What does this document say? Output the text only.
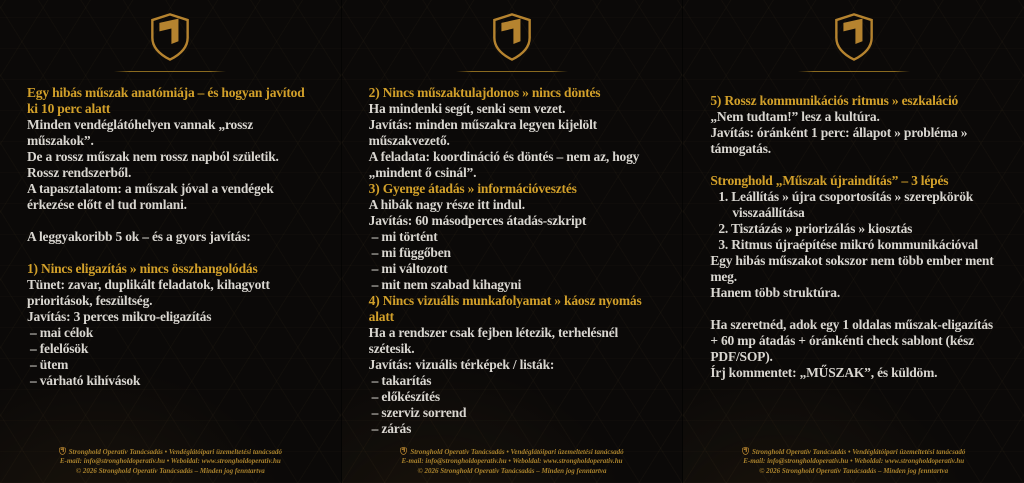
Egy hibás műszak anatómiája – és hogyan javítod ki 10 perc alatt
Minden vendéglátóhelyen vannak „rossz műszakok”.
De a rossz műszak nem rossz napból születik.
Rossz rendszerből.
A tapasztalatom: a műszak jóval a vendégek érkezése előtt el tud romlani.
A leggyakoribb 5 ok – és a gyors javítás:
1) Nincs eligazítás » nincs összhangolódás
Tünet: zavar, duplikált feladatok, kihagyott prioritások, feszültség.
Javítás: 3 perces mikro-eligazítás
– mai célok
– felelősök
– ütem
– várható kihívások
Stronghold Operatív Tanácsadás • Vendéglátóipari üzemeltetési tanácsadó
E-mail: info@strongholdoperativ.hu • Weboldal: www.strongholdoperativ.hu
© 2026 Stronghold Operatív Tanácsadás – Minden jog fenntartva
2) Nincs műszaktulajdonos » nincs döntés
Ha mindenki segít, senki sem vezet.
Javítás: minden műszakra legyen kijelölt műszakvezető.
A feladata: koordináció és döntés – nem az, hogy „mindent ő csinál”.
3) Gyenge átadás » információvesztés
A hibák nagy része itt indul.
Javítás: 60 másodperces átadás-szkript
– mi történt
– mi függőben
– mi változott
– mit nem szabad kihagyni
4) Nincs vizuális munkafolyamat » káosz nyomás alatt
Ha a rendszer csak fejben létezik, terhelésnél szétesik.
Javítás: vizuális térképek / listák:
– takarítás
– előkészítés
– szerviz sorrend
– zárás
Stronghold Operatív Tanácsadás • Vendéglátóipari üzemeltetési tanácsadó
E-mail: info@strongholdoperativ.hu • Weboldal: www.strongholdoperativ.hu
© 2026 Stronghold Operatív Tanácsadás – Minden jog fenntartva
5) Rossz kommunikációs ritmus » eszkaláció
„Nem tudtam!” lesz a kultúra.
Javítás: óránként 1 perc: állapot » probléma » támogatás.
Stronghold „Műszak újraindítás” – 3 lépés
1. Leállítás » újra csoportosítás » szerepkörök visszaállítása
2. Tisztázás » priorizálás » kiosztás
3. Ritmus újraépítése mikró kommunikációval
Egy hibás műszakot sokszor nem több ember ment meg.
Hanem több struktúra.
Ha szeretnéd, adok egy 1 oldalas műszak-eligazítás + 60 mp átadás + óránkénti check sablont (kész PDF/SOP).
Írj kommentet: „MŰSZAK”, és küldöm.
Stronghold Operatív Tanácsadás • Vendéglátóipari üzemeltetési tanácsadó
E-mail: info@strongholdoperativ.hu • Weboldal: www.strongholdoperativ.hu
© 2026 Stronghold Operatív Tanácsadás – Minden jog fenntartva
